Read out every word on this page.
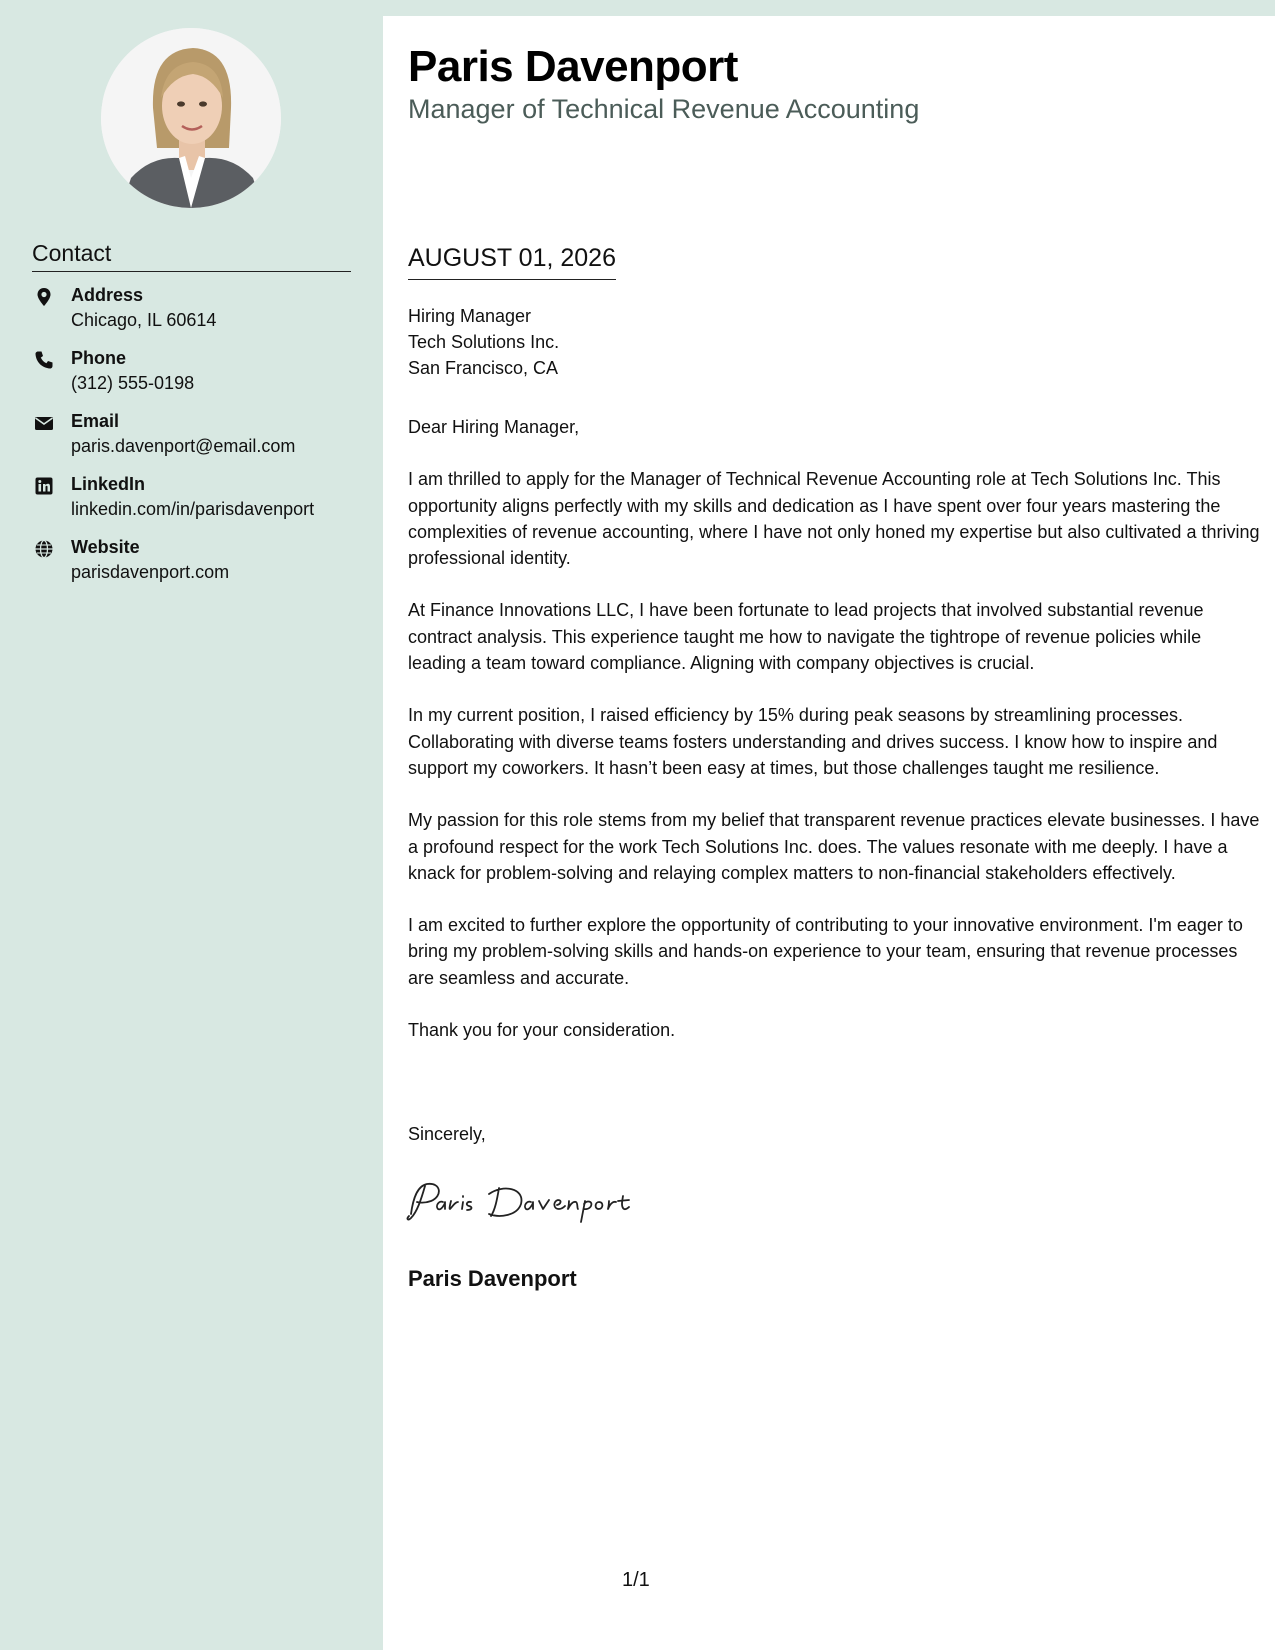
Contact
Address
Chicago, IL 60614
Phone
(312) 555-0198
Email
paris.davenport@email.com
LinkedIn
linkedin.com/in/parisdavenport
Website
parisdavenport.com
Paris Davenport
Manager of Technical Revenue Accounting
AUGUST 01, 2026
Hiring Manager
Tech Solutions Inc.
San Francisco, CA

Dear Hiring Manager,

I am thrilled to apply for the Manager of Technical Revenue Accounting role at Tech Solutions Inc. This opportunity aligns perfectly with my skills and dedication as I have spent over four years mastering the complexities of revenue accounting, where I have not only honed my expertise but also cultivated a thriving professional identity.

At Finance Innovations LLC, I have been fortunate to lead projects that involved substantial revenue contract analysis. This experience taught me how to navigate the tightrope of revenue policies while leading a team toward compliance. Aligning with company objectives is crucial.

In my current position, I raised efficiency by 15% during peak seasons by streamlining processes. Collaborating with diverse teams fosters understanding and drives success. I know how to inspire and support my coworkers. It hasn’t been easy at times, but those challenges taught me resilience.

My passion for this role stems from my belief that transparent revenue practices elevate businesses. I have a profound respect for the work Tech Solutions Inc. does. The values resonate with me deeply. I have a knack for problem-solving and relaying complex matters to non-financial stakeholders effectively.

I am excited to further explore the opportunity of contributing to your innovative environment. I'm eager to bring my problem-solving skills and hands-on experience to your team, ensuring that revenue processes are seamless and accurate.

Thank you for your consideration.

Sincerely,
Paris Davenport
1/1
